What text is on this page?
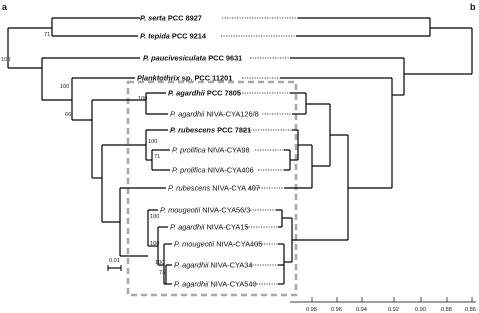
a	b
P. serta PCC 8927
P. tepida PCC 9214
P. paucivesiculata PCC 9631
Planktothrix sp. PCC 11201
P. agardhii PCC 7805
P. agardhii NIVA-CYA126/8
P. rubescens PCC 7821
P. prolifica NIVA-CYA98
P. prolifica NIVA-CYA406
P. rubescens NIVA-CYA 407
P. mougeotii NIVA-CYA56/3
P. agardhii NIVA-CYA15
P. mougeotii NIVA-CYA405
P. agardhii NIVA-CYA34
P. agardhii NIVA-CYA540
71
100
100
66
100
100
71
100
100
100
73
0.01
0.98	0.96	0.94	0.92	0.90	0.88 0.86
